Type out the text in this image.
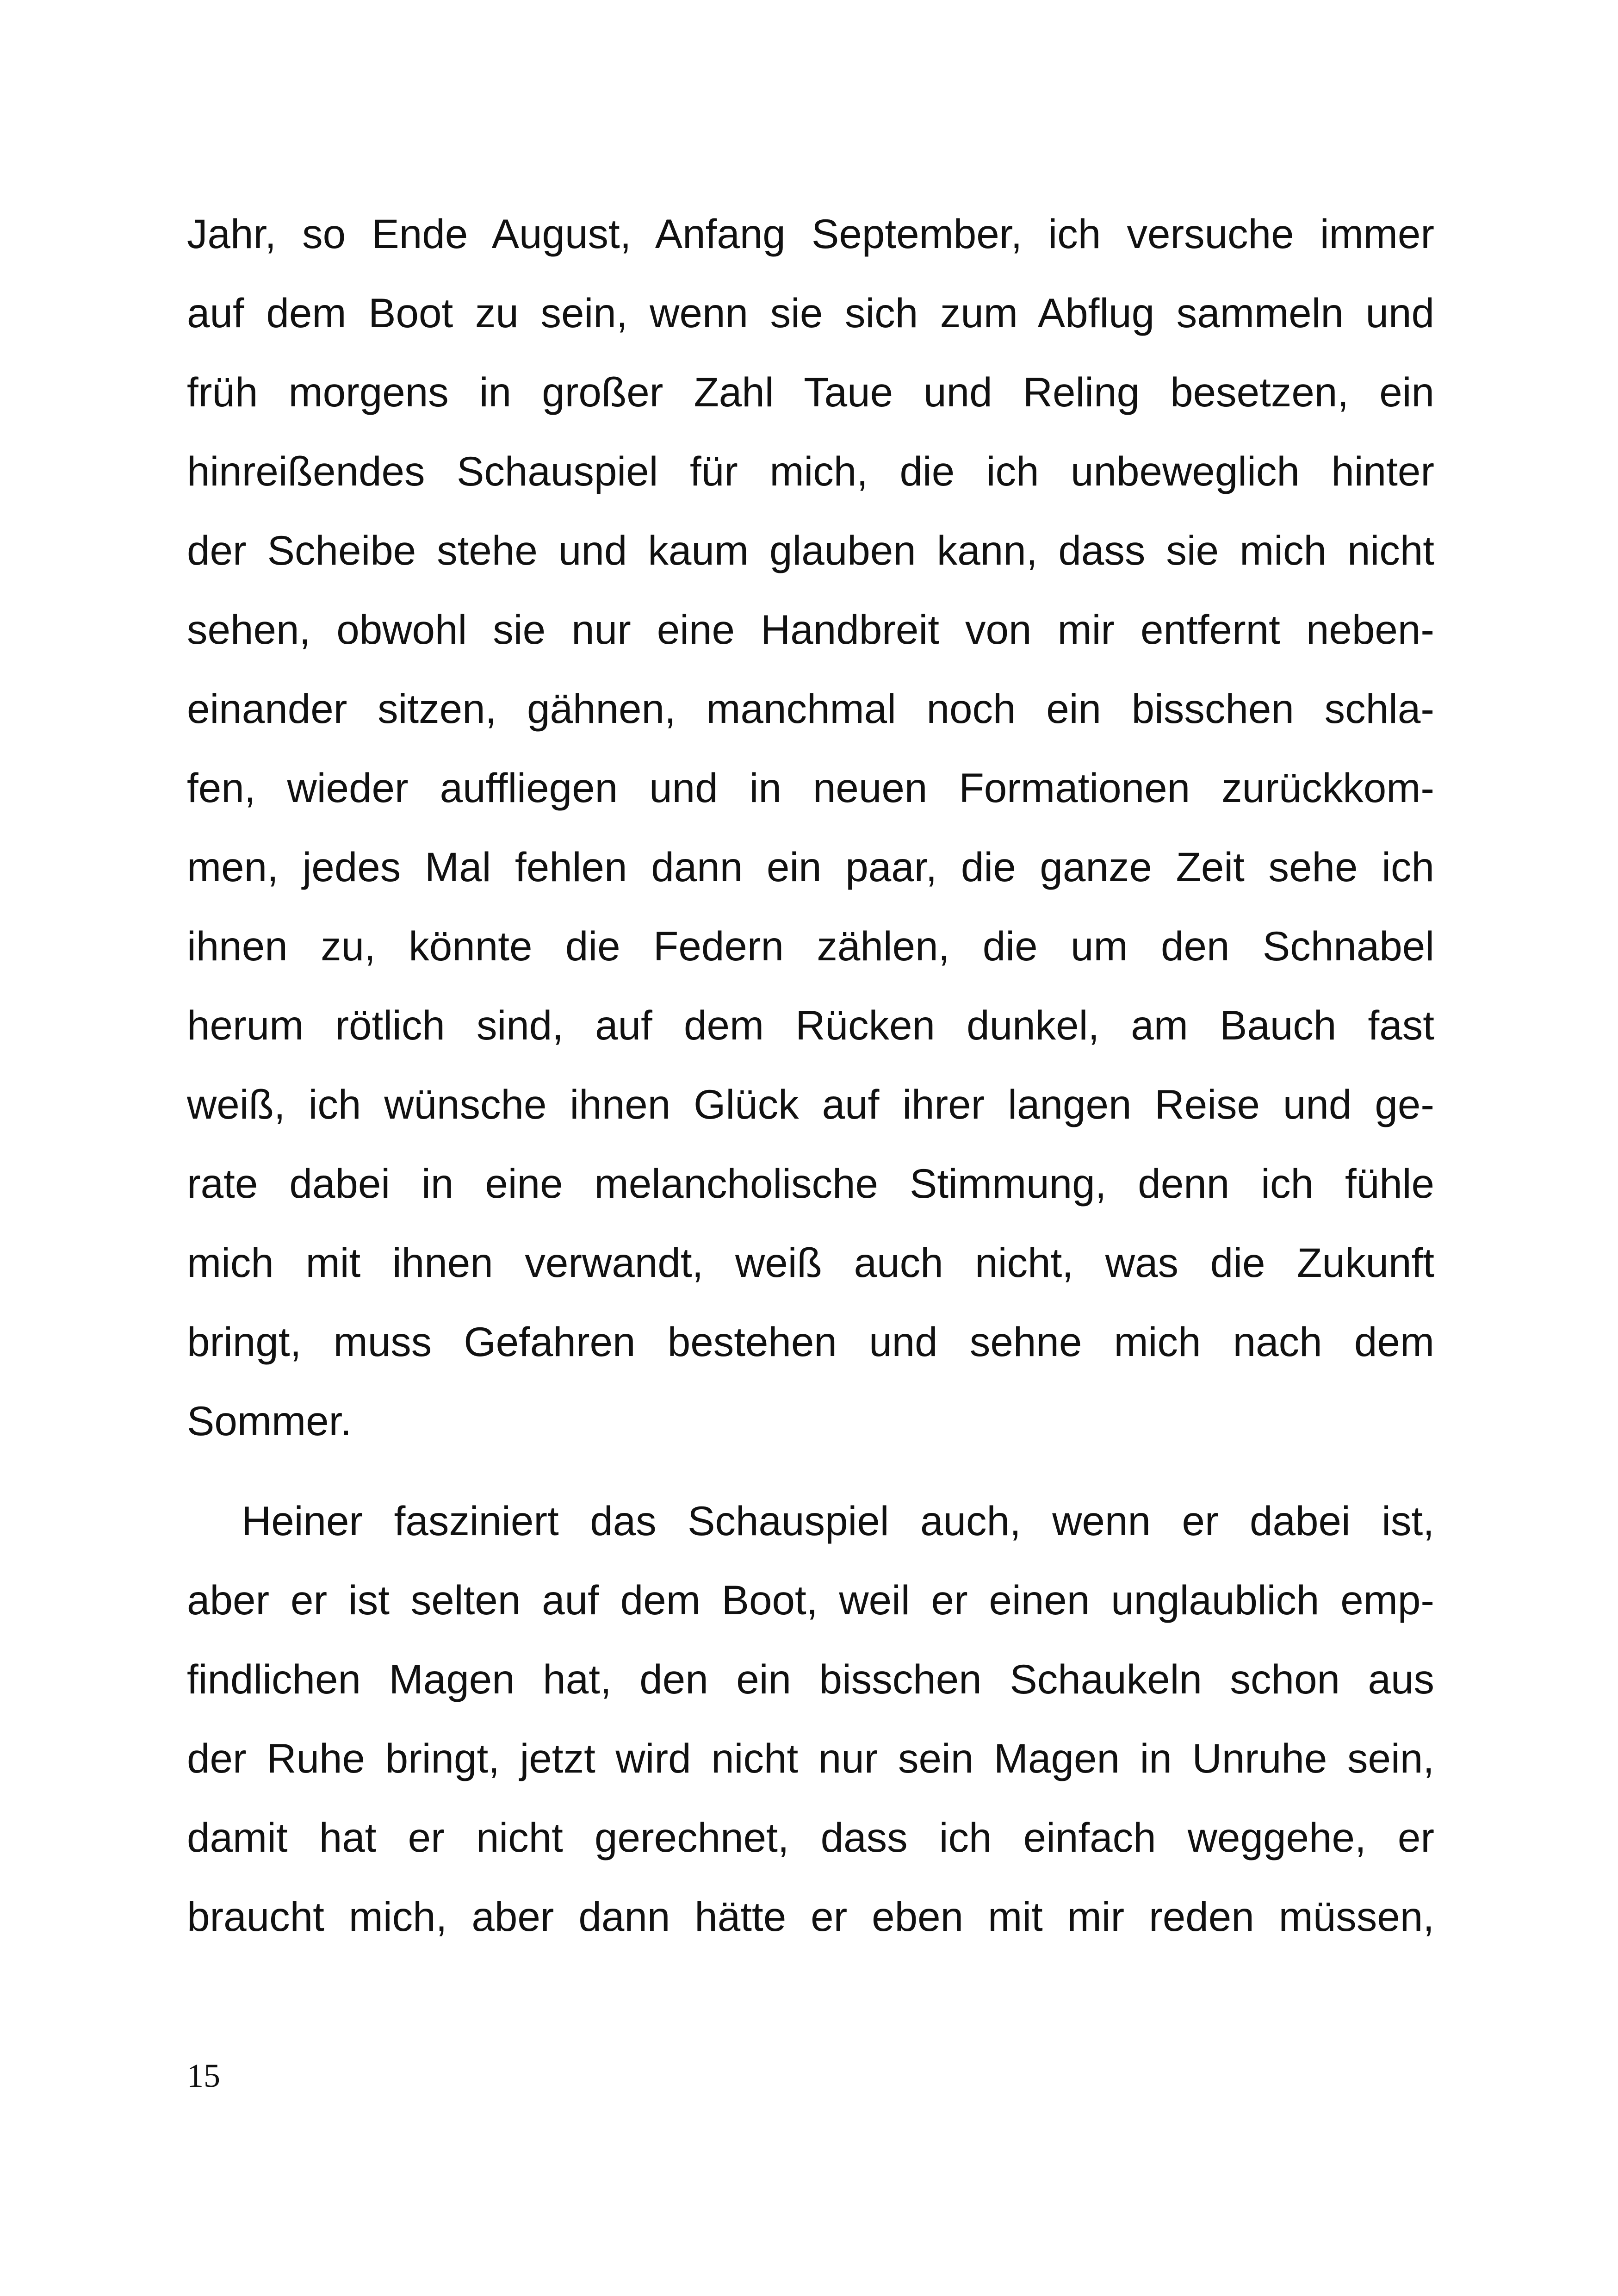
Jahr, so Ende August, Anfang September, ich versuche immer
auf dem Boot zu sein, wenn sie sich zum Abflug sammeln und
früh morgens in großer Zahl Taue und Reling besetzen, ein
hinreißendes Schauspiel für mich, die ich unbeweglich hinter
der Scheibe stehe und kaum glauben kann, dass sie mich nicht
sehen, obwohl sie nur eine Handbreit von mir entfernt neben-
einander sitzen, gähnen, manchmal noch ein bisschen schla-
fen, wieder auffliegen und in neuen Formationen zurückkom-
men, jedes Mal fehlen dann ein paar, die ganze Zeit sehe ich
ihnen zu, könnte die Federn zählen, die um den Schnabel
herum rötlich sind, auf dem Rücken dunkel, am Bauch fast
weiß, ich wünsche ihnen Glück auf ihrer langen Reise und ge-
rate dabei in eine melancholische Stimmung, denn ich fühle
mich mit ihnen verwandt, weiß auch nicht, was die Zukunft
bringt, muss Gefahren bestehen und sehne mich nach dem
Sommer.
Heiner fasziniert das Schauspiel auch, wenn er dabei ist,
aber er ist selten auf dem Boot, weil er einen unglaublich emp-
findlichen Magen hat, den ein bisschen Schaukeln schon aus
der Ruhe bringt, jetzt wird nicht nur sein Magen in Unruhe sein,
damit hat er nicht gerechnet, dass ich einfach weggehe, er
braucht mich, aber dann hätte er eben mit mir reden müssen,
15
